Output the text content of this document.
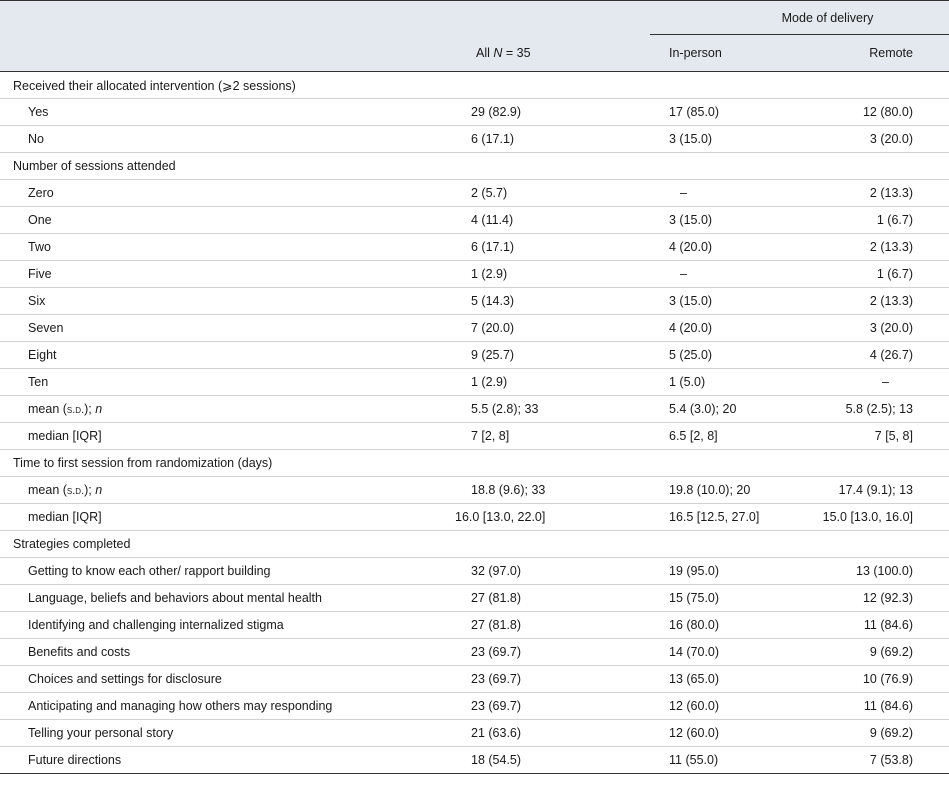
		Mode of delivery	

	All N = 35	In-person	Remote
Received their allocated intervention (⩾2 sessions)			
Yes	29 (82.9)	17 (85.0)	12 (80.0)
No	6 (17.1)	3 (15.0)	3 (20.0)
Number of sessions attended			
Zero	2 (5.7)	–	2 (13.3)
One	4 (11.4)	3 (15.0)	1 (6.7)
Two	6 (17.1)	4 (20.0)	2 (13.3)
Five	1 (2.9)	–	1 (6.7)
Six	5 (14.3)	3 (15.0)	2 (13.3)
Seven	7 (20.0)	4 (20.0)	3 (20.0)
Eight	9 (25.7)	5 (25.0)	4 (26.7)
Ten	1 (2.9)	1 (5.0)	–
mean (s.d.); n	5.5 (2.8); 33	5.4 (3.0); 20	5.8 (2.5); 13
median [IQR]	7 [2, 8]	6.5 [2, 8]	7 [5, 8]
Time to first session from randomization (days)			
mean (s.d.); n	18.8 (9.6); 33	19.8 (10.0); 20	17.4 (9.1); 13
median [IQR]	16.0 [13.0, 22.0]	16.5 [12.5, 27.0]	15.0 [13.0, 16.0]
Strategies completed			
Getting to know each other/ rapport building	32 (97.0)	19 (95.0)	13 (100.0)
Language, beliefs and behaviors about mental health	27 (81.8)	15 (75.0)	12 (92.3)
Identifying and challenging internalized stigma	27 (81.8)	16 (80.0)	11 (84.6)
Benefits and costs	23 (69.7)	14 (70.0)	9 (69.2)
Choices and settings for disclosure	23 (69.7)	13 (65.0)	10 (76.9)
Anticipating and managing how others may responding	23 (69.7)	12 (60.0)	11 (84.6)
Telling your personal story	21 (63.6)	12 (60.0)	9 (69.2)
Future directions	18 (54.5)	11 (55.0)	7 (53.8)
